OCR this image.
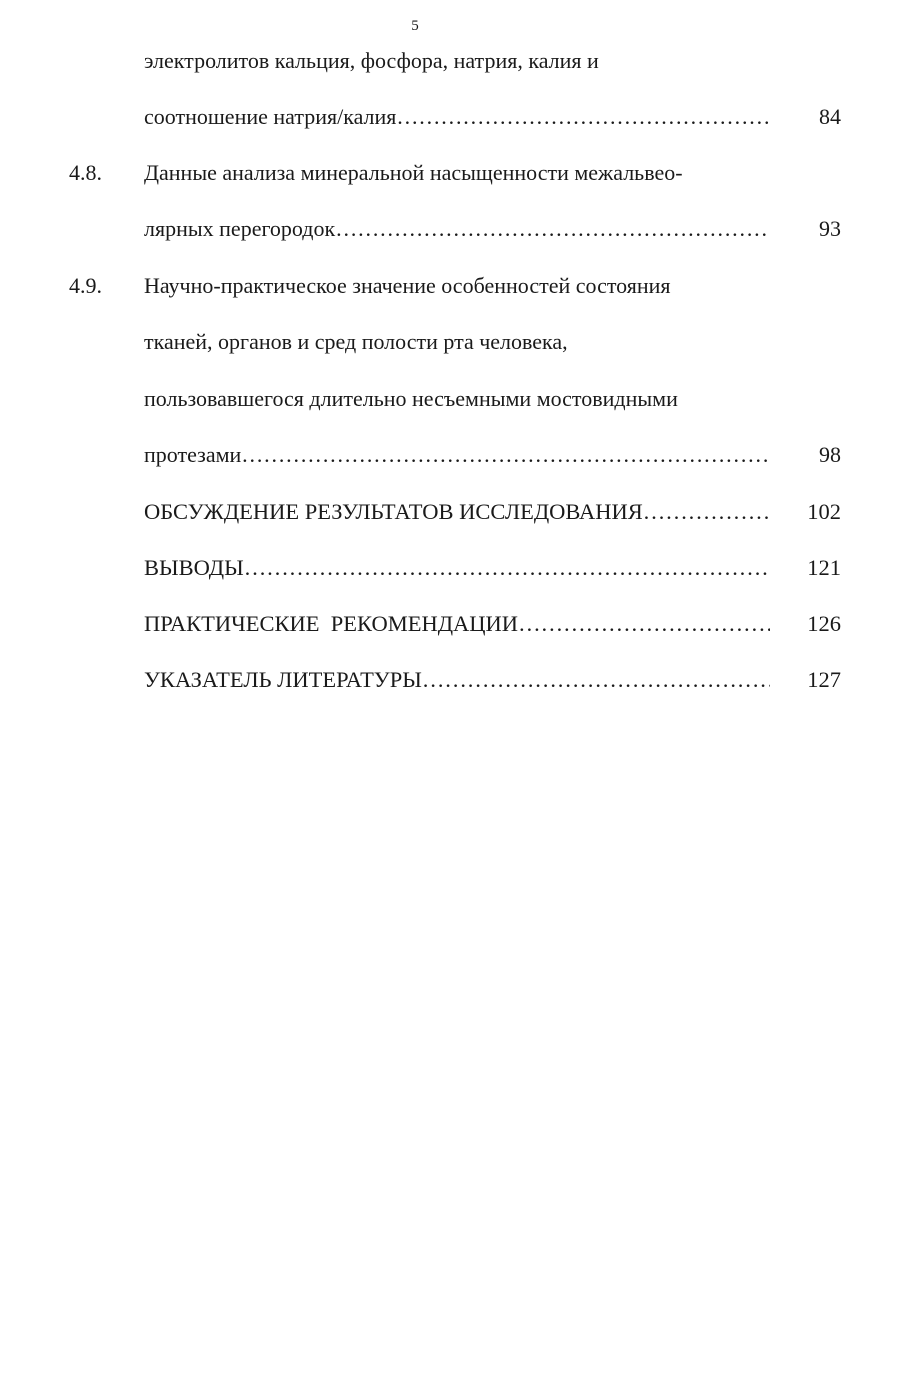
5
электролитов кальция, фосфора, натрия, калия и
соотношение натрия/калия …………………………………………………………………………………………………………………………………………	84
4.8. Данные анализа минеральной насыщенности межальвео-
лярных перегородок …………………………………………………………………………………………………………………………………………	93
4.9. Научно-практическое значение особенностей состояния
тканей, органов и сред полости рта человека,
пользовавшегося длительно несъемными мостовидными
протезами …………………………………………………………………………………………………………………………………………	98
ОБСУЖДЕНИЕ РЕЗУЛЬТАТОВ ИССЛЕДОВАНИЯ …………………………………………………………………………………………………………………………………………	102
ВЫВОДЫ …………………………………………………………………………………………………………………………………………	121
ПРАКТИЧЕСКИЕ  РЕКОМЕНДАЦИИ …………………………………………………………………………………………………………………………………………	126
УКАЗАТЕЛЬ ЛИТЕРАТУРЫ …………………………………………………………………………………………………………………………………………	127
